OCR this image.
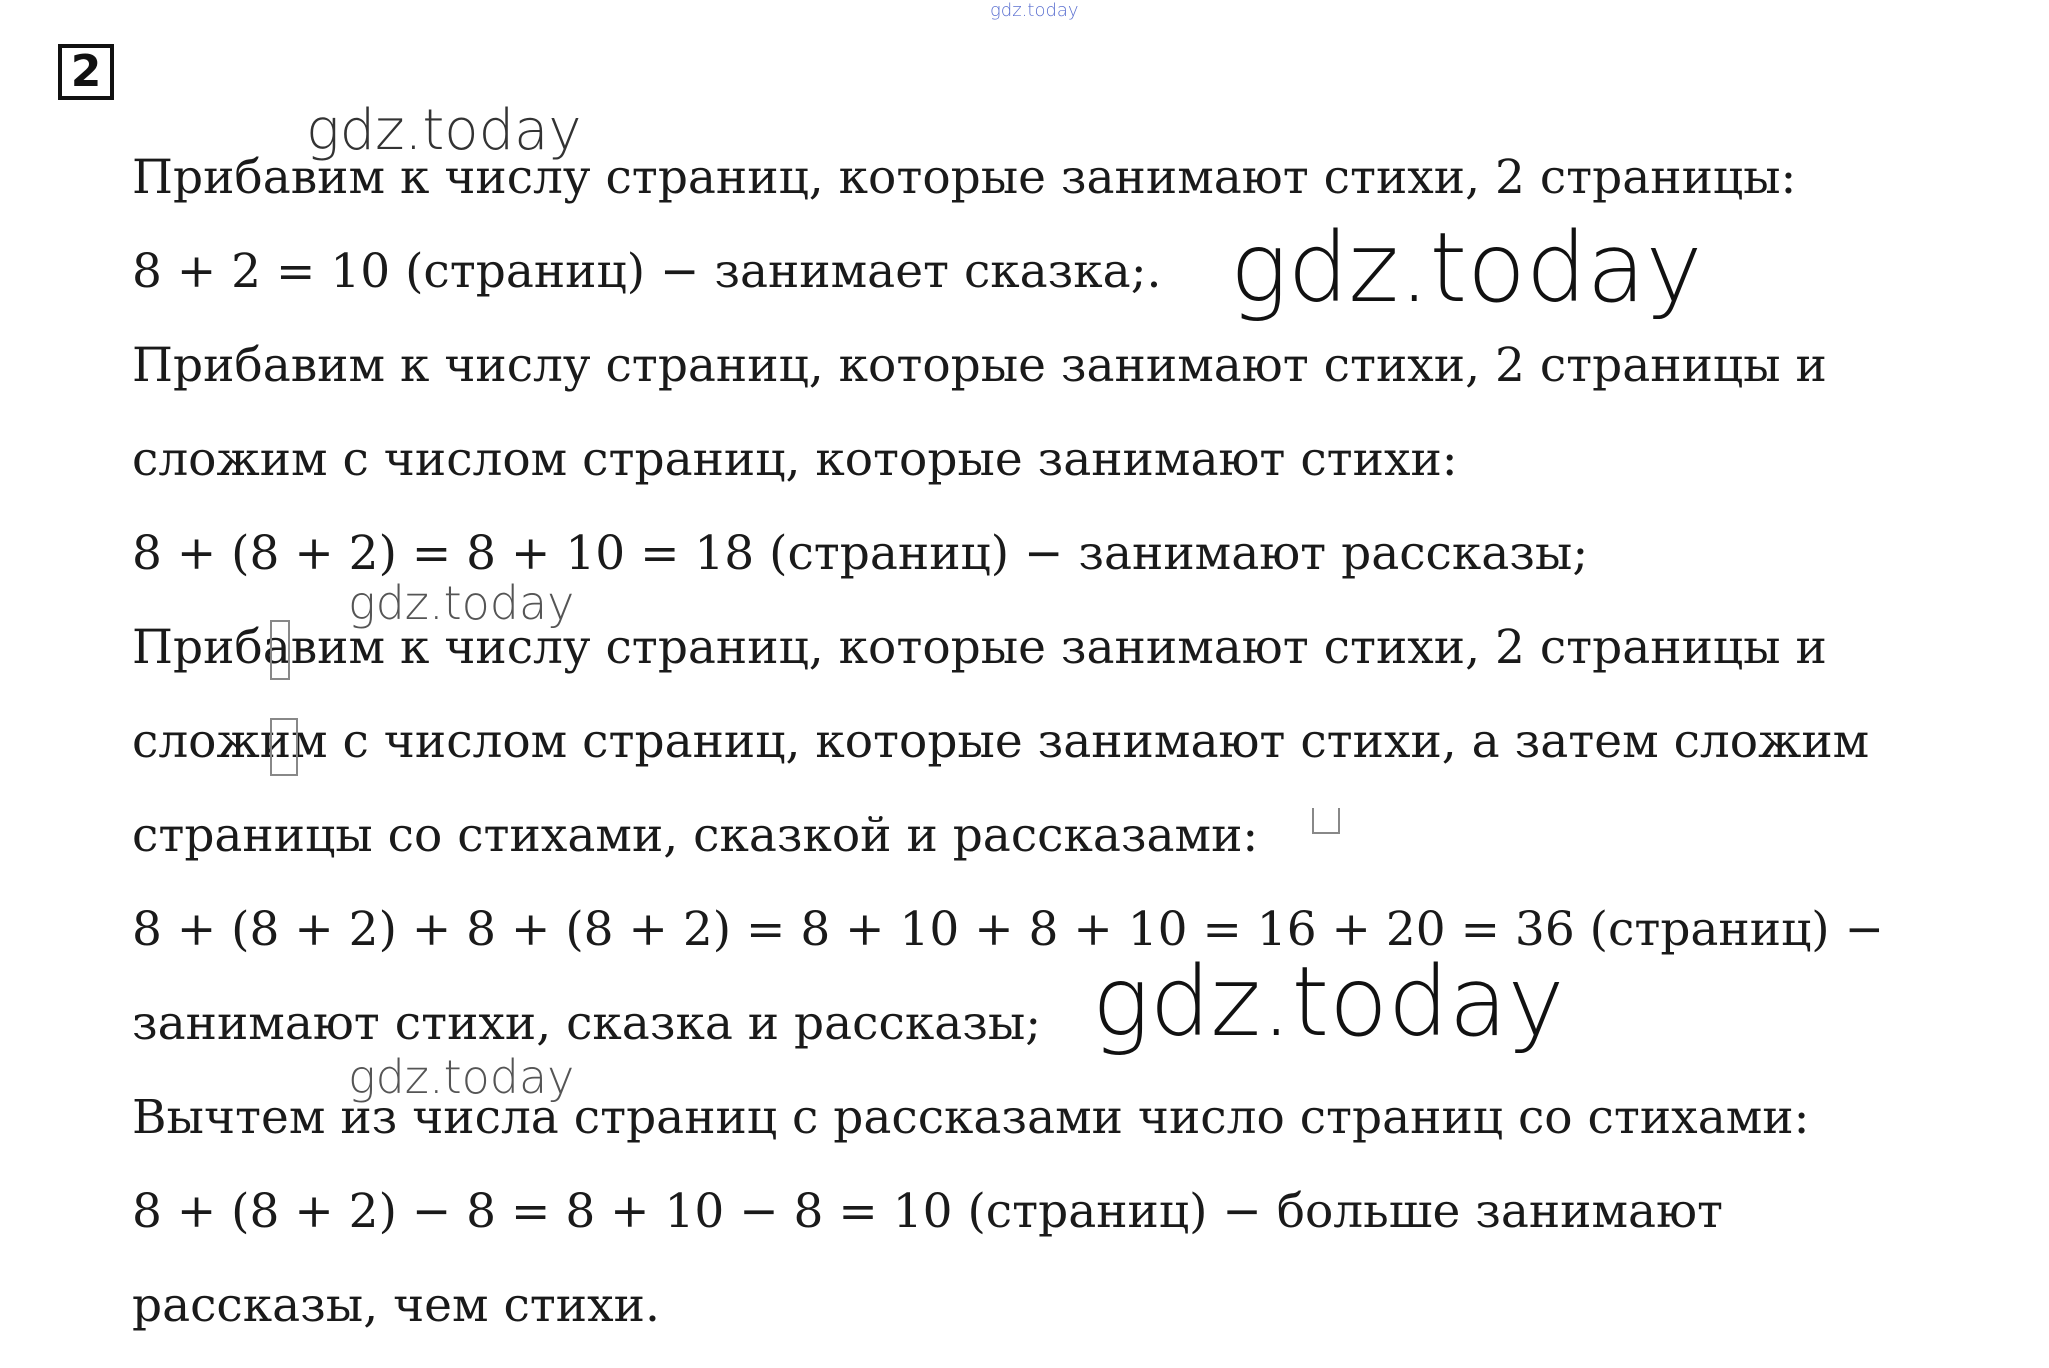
gdz.today
2
gdz.today
Прибавим к числу страниц, которые занимают стихи, 2 страницы:
8 + 2 = 10 (страниц) − занимает сказка;. gdz.today
Прибавим к числу страниц, которые занимают стихи, 2 страницы и
сложим с числом страниц, которые занимают стихи:
8 + (8 + 2) = 8 + 10 = 18 (страниц) − занимают рассказы;
gdz.today
Прибавим к числу страниц, которые занимают стихи, 2 страницы и
сложим с числом страниц, которые занимают стихи, а затем сложим
страницы со стихами, сказкой и рассказами:
8 + (8 + 2) + 8 + (8 + 2) = 8 + 10 + 8 + 10 = 16 + 20 = 36 (страниц) −
занимают стихи, сказка и рассказы; gdz.today
gdz.today
Вычтем из числа страниц с рассказами число страниц со стихами:
8 + (8 + 2) − 8 = 8 + 10 − 8 = 10 (страниц) − больше занимают
рассказы, чем стихи.
